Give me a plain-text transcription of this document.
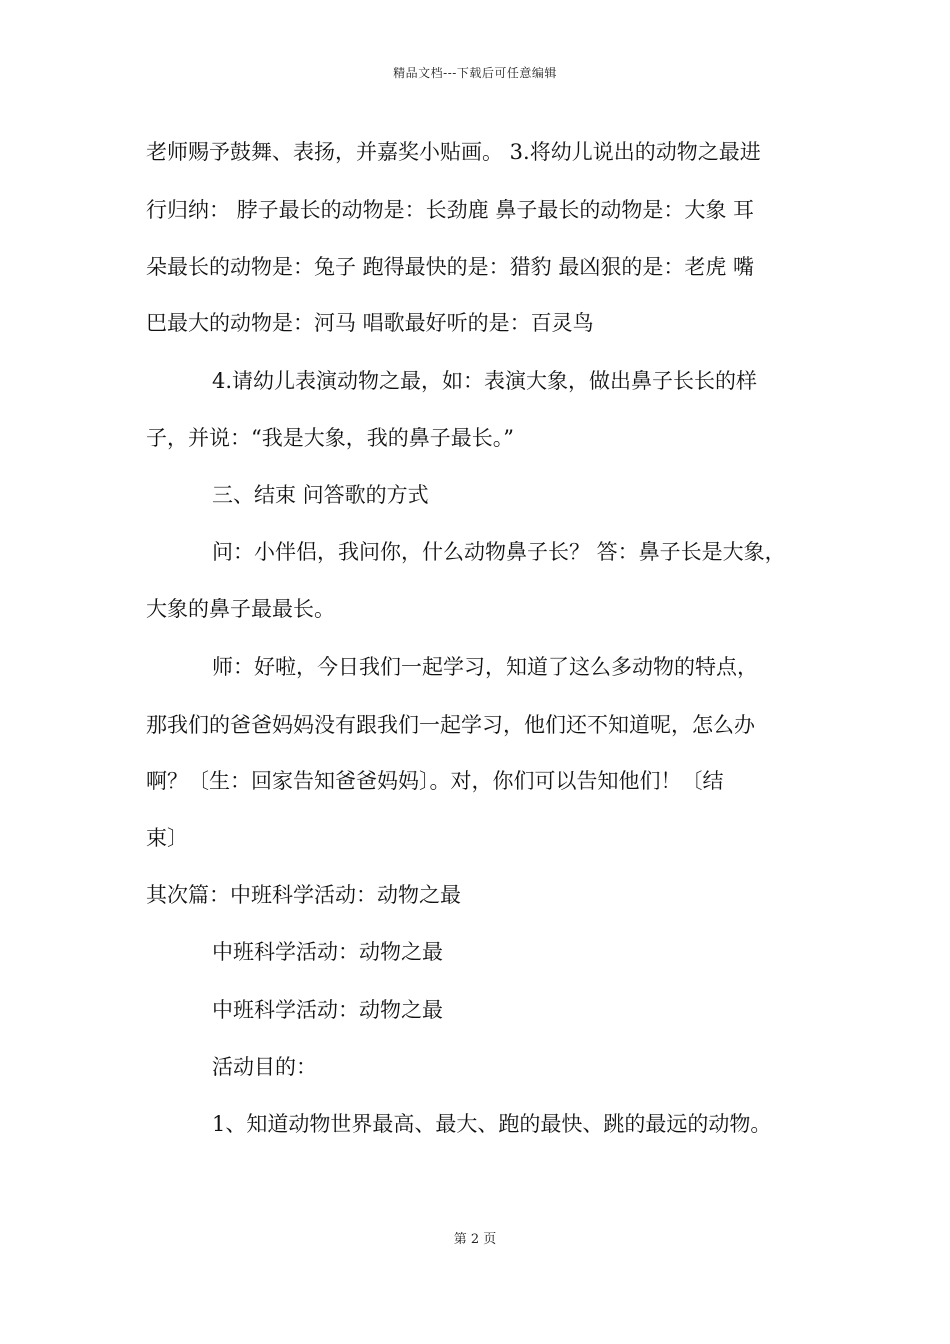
精品文档---下载后可任意编辑
老师赐予鼓舞、表扬，并嘉奖小贴画。 3.将幼儿说出的动物之最进
行归纳： 脖子最长的动物是：长劲鹿 鼻子最长的动物是：大象 耳
朵最长的动物是：兔子 跑得最快的是：猎豹 最凶狠的是：老虎 嘴
巴最大的动物是：河马 唱歌最好听的是：百灵鸟
4.请幼儿表演动物之最，如：表演大象，做出鼻子长长的样
子，并说：“我是大象，我的鼻子最长。”
三、结束 问答歌的方式
问：小伴侣，我问你，什么动物鼻子长？ 答：鼻子长是大象，
大象的鼻子最最长。
师：好啦，今日我们一起学习，知道了这么多动物的特点，
那我们的爸爸妈妈没有跟我们一起学习，他们还不知道呢，怎么办
啊？〔生：回家告知爸爸妈妈〕。对，你们可以告知他们！〔结
束〕
其次篇：中班科学活动：动物之最
中班科学活动：动物之最
中班科学活动：动物之最
活动目的：
1、知道动物世界最高、最大、跑的最快、跳的最远的动物。
第 2 页
